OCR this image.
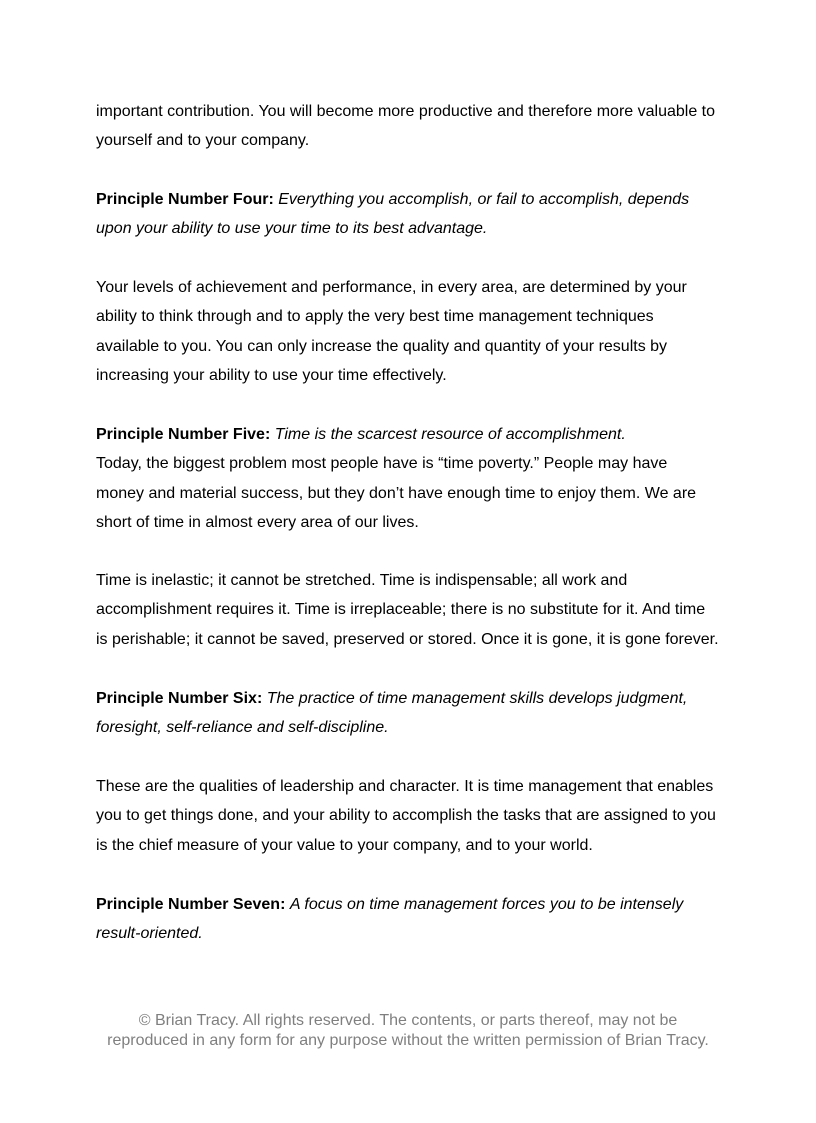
important contribution. You will become more productive and therefore more valuable to
yourself and to your company.

Principle Number Four: Everything you accomplish, or fail to accomplish, depends
upon your ability to use your time to its best advantage.

Your levels of achievement and performance, in every area, are determined by your
ability to think through and to apply the very best time management techniques
available to you. You can only increase the quality and quantity of your results by
increasing your ability to use your time effectively.

Principle Number Five: Time is the scarcest resource of accomplishment.
Today, the biggest problem most people have is “time poverty.” People may have
money and material success, but they don’t have enough time to enjoy them. We are
short of time in almost every area of our lives.

Time is inelastic; it cannot be stretched. Time is indispensable; all work and
accomplishment requires it. Time is irreplaceable; there is no substitute for it. And time
is perishable; it cannot be saved, preserved or stored. Once it is gone, it is gone forever.

Principle Number Six: The practice of time management skills develops judgment,
foresight, self-reliance and self-discipline.

These are the qualities of leadership and character. It is time management that enables
you to get things done, and your ability to accomplish the tasks that are assigned to you
is the chief measure of your value to your company, and to your world.

Principle Number Seven: A focus on time management forces you to be intensely
result-oriented.

© Brian Tracy. All rights reserved. The contents, or parts thereof, may not be
reproduced in any form for any purpose without the written permission of Brian Tracy.
